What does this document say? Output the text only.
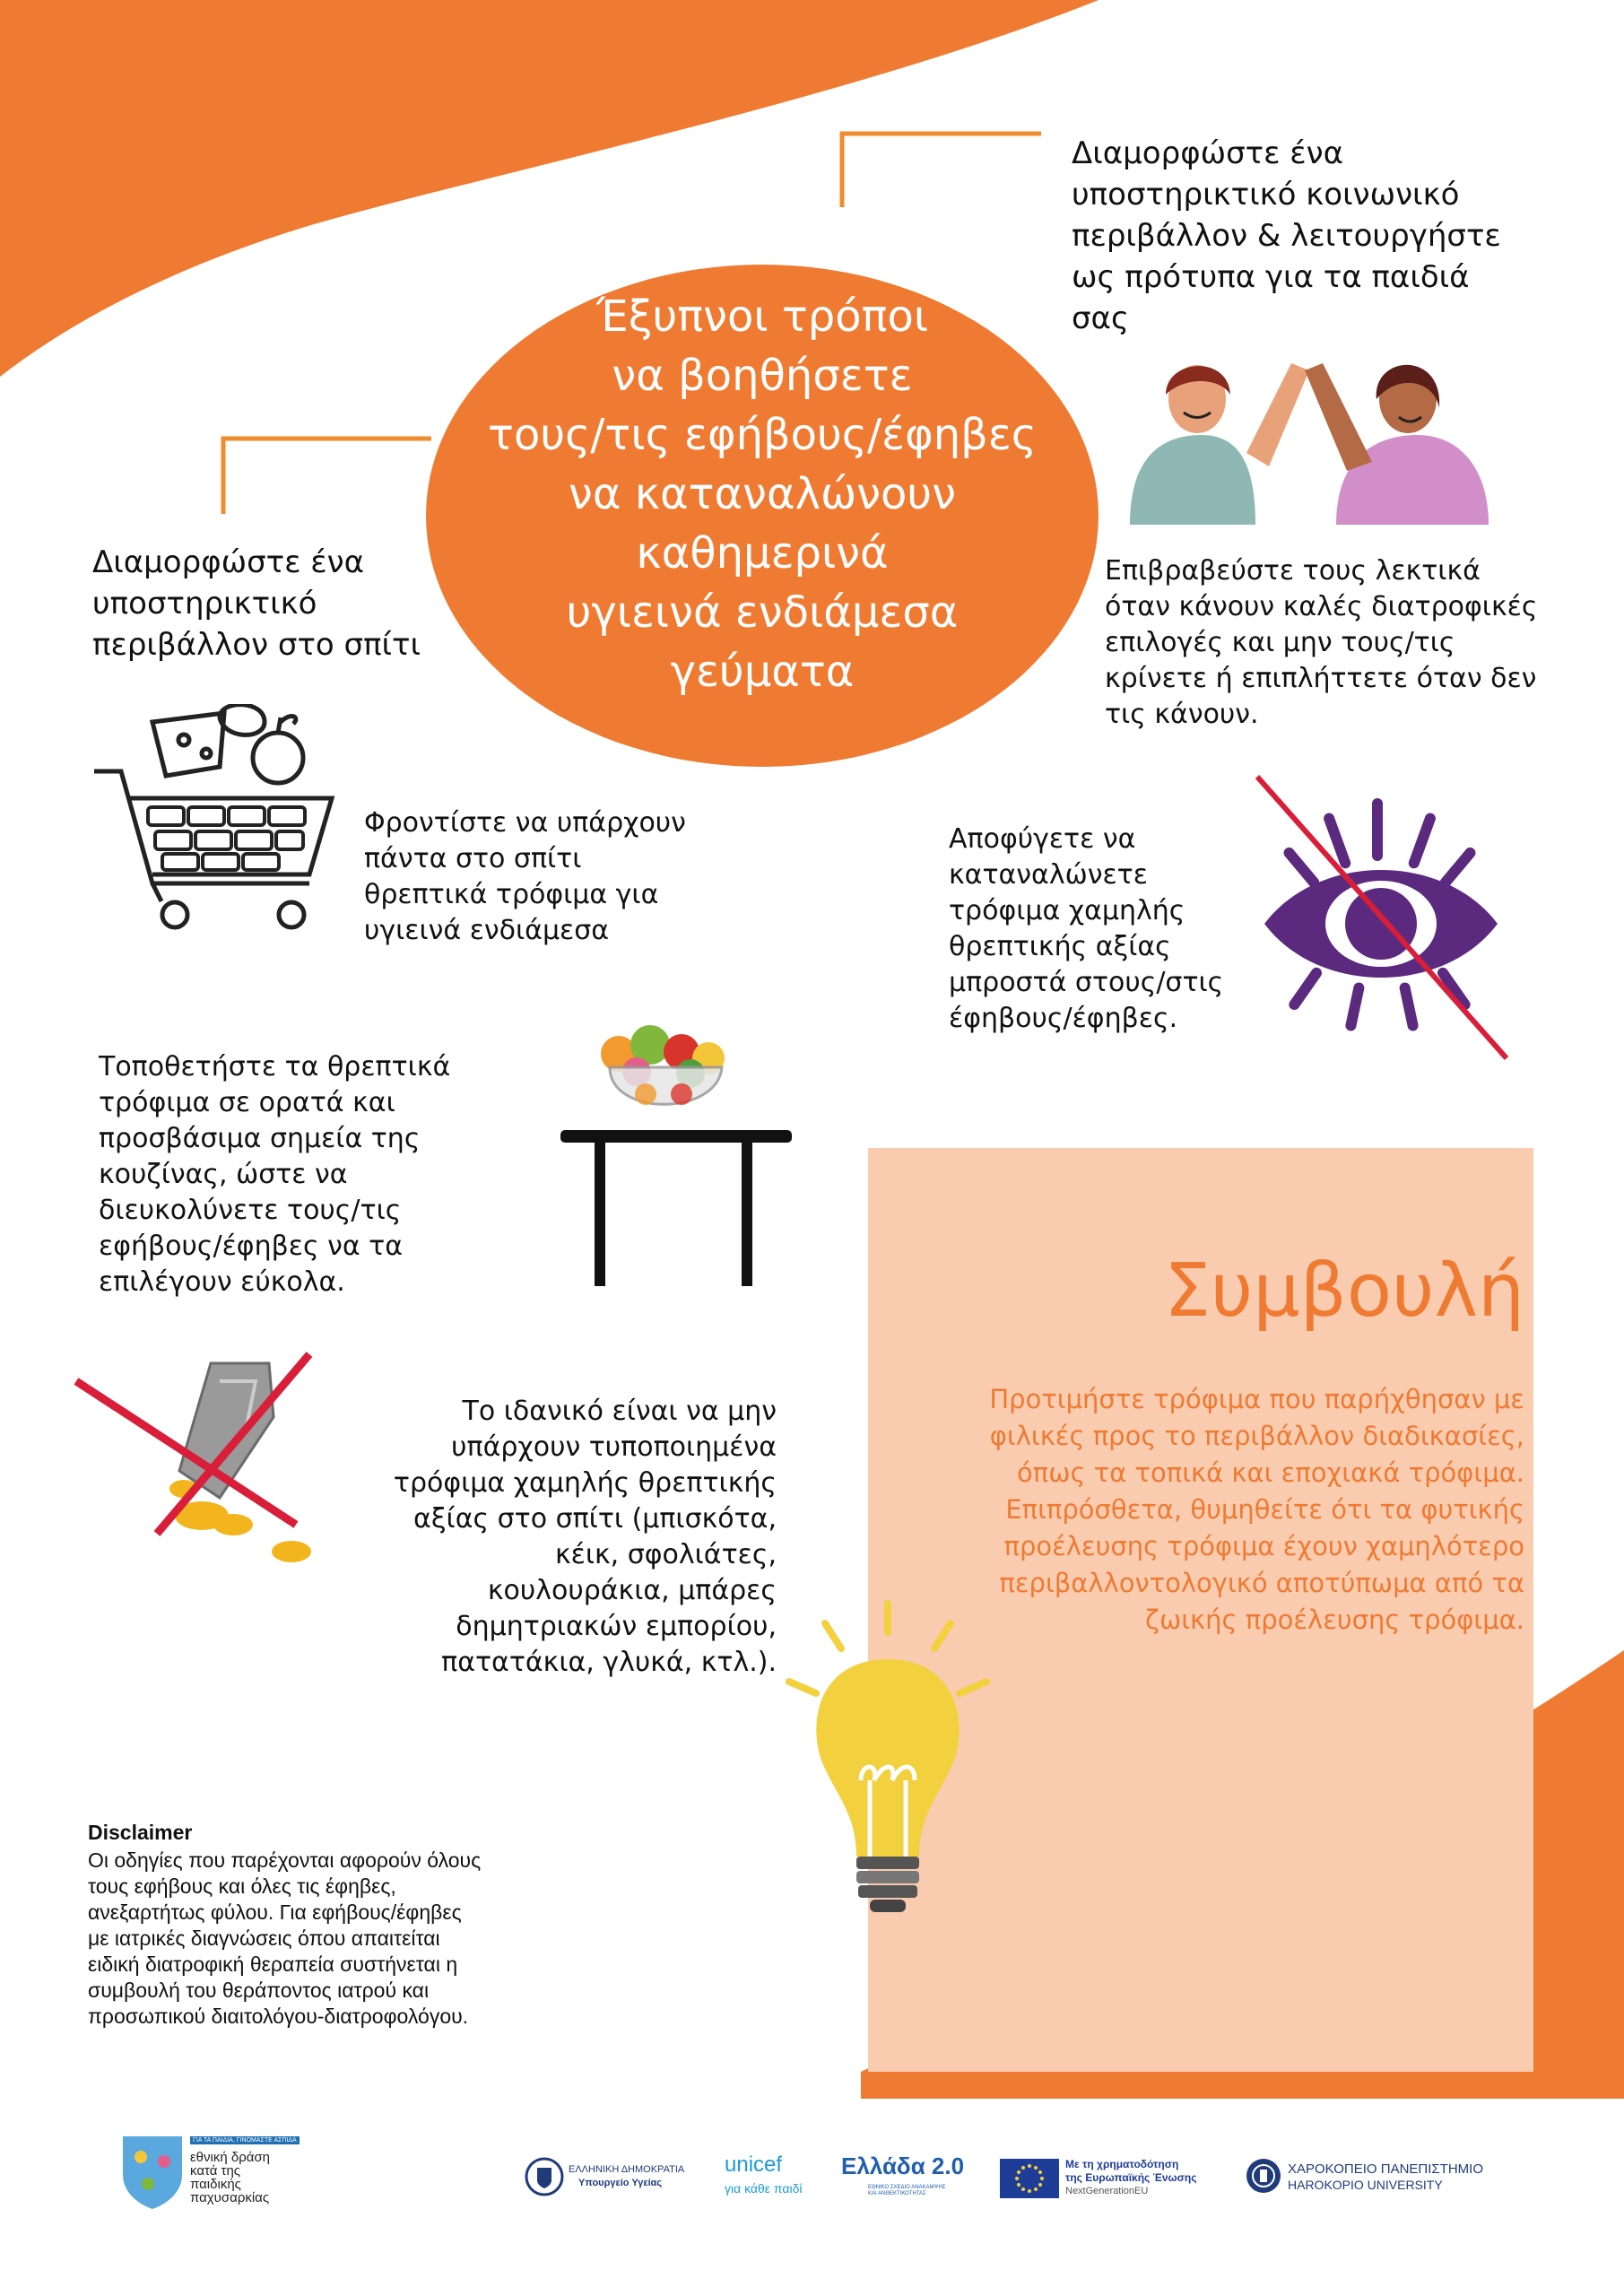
Έξυπνοι τρόποι
να βοηθήσετε
τους/τις εφήβους/έφηβες
να καταναλώνουν
καθημερινά
υγιεινά ενδιάμεσα
γεύματα
Διαμορφώστε ένα
υποστηρικτικό κοινωνικό
περιβάλλον & λειτουργήστε
ως πρότυπα για τα παιδιά
σας
Διαμορφώστε ένα
υποστηρικτικό
περιβάλλον στο σπίτι
Επιβραβεύστε τους λεκτικά
όταν κάνουν καλές διατροφικές
επιλογές και μην τους/τις
κρίνετε ή επιπλήττετε όταν δεν
τις κάνουν.
Φροντίστε να υπάρχουν
πάντα στο σπίτι
θρεπτικά τρόφιμα για
υγιεινά ενδιάμεσα
Αποφύγετε να
καταναλώνετε
τρόφιμα χαμηλής
θρεπτικής αξίας
μπροστά στους/στις
έφηβους/έφηβες.
Τοποθετήστε τα θρεπτικά
τρόφιμα σε ορατά και
προσβάσιμα σημεία της
κουζίνας, ώστε να
διευκολύνετε τους/τις
εφήβους/έφηβες να τα
επιλέγουν εύκολα.
Το ιδανικό είναι να μην
υπάρχουν τυποποιημένα
τρόφιμα χαμηλής θρεπτικής
αξίας στο σπίτι (μπισκότα,
κέικ, σφολιάτες,
κουλουράκια, μπάρες
δημητριακών εμπορίου,
πατατάκια, γλυκά, κτλ.).
Συμβουλή
Προτιμήστε τρόφιμα που παρήχθησαν με
φιλικές προς το περιβάλλον διαδικασίες,
όπως τα τοπικά και εποχιακά τρόφιμα.
Επιπρόσθετα, θυμηθείτε ότι τα φυτικής
προέλευσης τρόφιμα έχουν χαμηλότερο
περιβαλλοντολογικό αποτύπωμα από τα
ζωικής προέλευσης τρόφιμα.
Disclaimer
Οι οδηγίες που παρέχονται αφορούν όλους
τους εφήβους και όλες τις έφηβες,
ανεξαρτήτως φύλου. Για εφήβους/έφηβες
με ιατρικές διαγνώσεις όπου απαιτείται
ειδική διατροφική θεραπεία συστήνεται η
συμβουλή του θεράποντος ιατρού και
προσωπικού διαιτολόγου-διατροφολόγου.
ΓΙΑ ΤΑ ΠΑΙΔΙΑ, ΓΙΝΟΜΑΣΤΕ ΑΣΠΙΔΑ
εθνική δράση
κατά της
παιδικής
παχυσαρκίας
ΕΛΛΗΝΙΚΗ ΔΗΜΟΚΡΑΤΙΑ
Υπουργείο Υγείας
unicef
για κάθε παιδί
Ελλάδα 2.0
ΕΘΝΙΚΟ ΣΧΕΔΙΟ ΑΝΑΚΑΜΨΗΣ
ΚΑΙ ΑΝΘΕΚΤΙΚΟΤΗΤΑΣ
Με τη χρηματοδότηση
της Ευρωπαϊκής Ένωσης
NextGenerationEU
ΧΑΡΟΚΟΠΕΙΟ ΠΑΝΕΠΙΣΤΗΜΙΟ
HAROKOPIO UNIVERSITY
